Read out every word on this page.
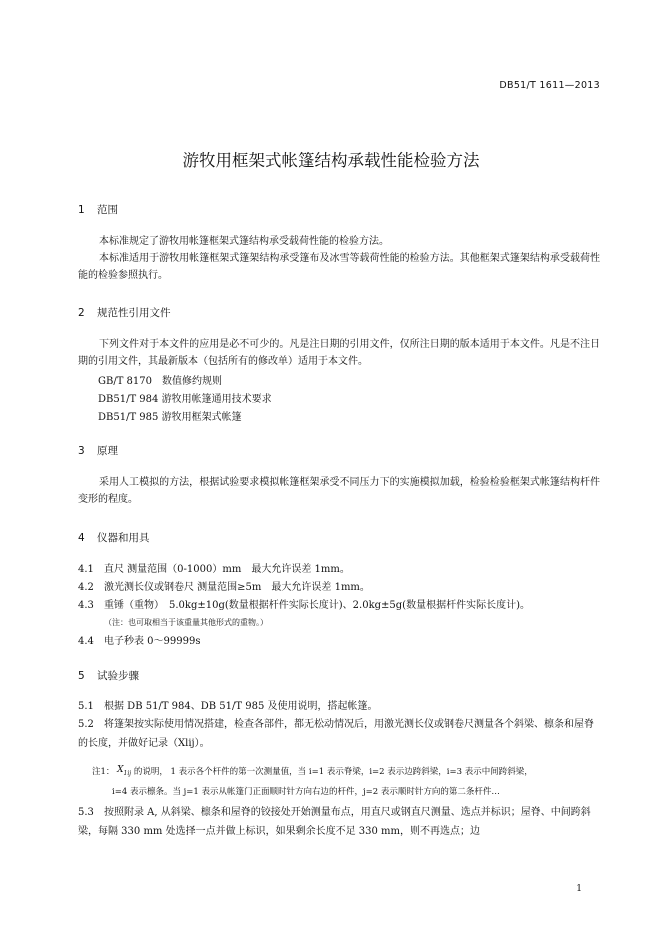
DB51/T 1611—2013
游牧用框架式帐篷结构承载性能检验方法
1 范围
本标准规定了游牧用帐篷框架式篷结构承受载荷性能的检验方法。
本标准适用于游牧用帐篷框架式篷架结构承受篷布及冰雪等载荷性能的检验方法。其他框架式篷架结构承受载荷性能的检验参照执行。
2 规范性引用文件
下列文件对于本文件的应用是必不可少的。凡是注日期的引用文件，仅所注日期的版本适用于本文件。凡是不注日期的引用文件，其最新版本（包括所有的修改单）适用于本文件。
GB/T 8170　数值修约规则
DB51/T 984 游牧用帐篷通用技术要求
DB51/T 985 游牧用框架式帐篷
3 原理
采用人工模拟的方法，根据试验要求模拟帐篷框架承受不同压力下的实施模拟加载，检验检验框架式帐篷结构杆件变形的程度。
4 仪器和用具
4.1 直尺 测量范围（0-1000）mm　最大允许误差 1mm。
4.2 激光测长仪或钢卷尺 测量范围≥5m　最大允许误差 1mm。
4.3 重锤（重物）　5.0kg±10g(数量根据杆件实际长度计)、2.0kg±5g(数量根据杆件实际长度计)。
（注：也可取相当于该重量其他形式的重物。）
4.4 电子秒表 0～99999s
5 试验步骤
5.1 根据 DB 51/T 984、DB 51/T 985 及使用说明，搭起帐篷。
5.2 将篷架按实际使用情况搭建，检查各部件，都无松动情况后，用激光测长仪或钢卷尺测量各个斜梁、檩条和屋脊的长度，并做好记录（Xlij）。
注1： $X_{1ij}$ 的说明， 1 表示各个杆件的第一次测量值，当 i=1 表示脊梁，i=2 表示边跨斜梁，i=3 表示中间跨斜梁，
i=4 表示檩条。当 j=1 表示从帐篷门正面顺时针方向右边的杆件，j=2 表示顺时针方向的第二条杆件…
5.3 按照附录 A, 从斜梁、檩条和屋脊的铰接处开始测量布点，用直尺或钢直尺测量、选点并标识；屋脊、中间跨斜梁，每隔 330 mm 处选择一点并做上标识，如果剩余长度不足 330 mm，则不再选点；边
1
